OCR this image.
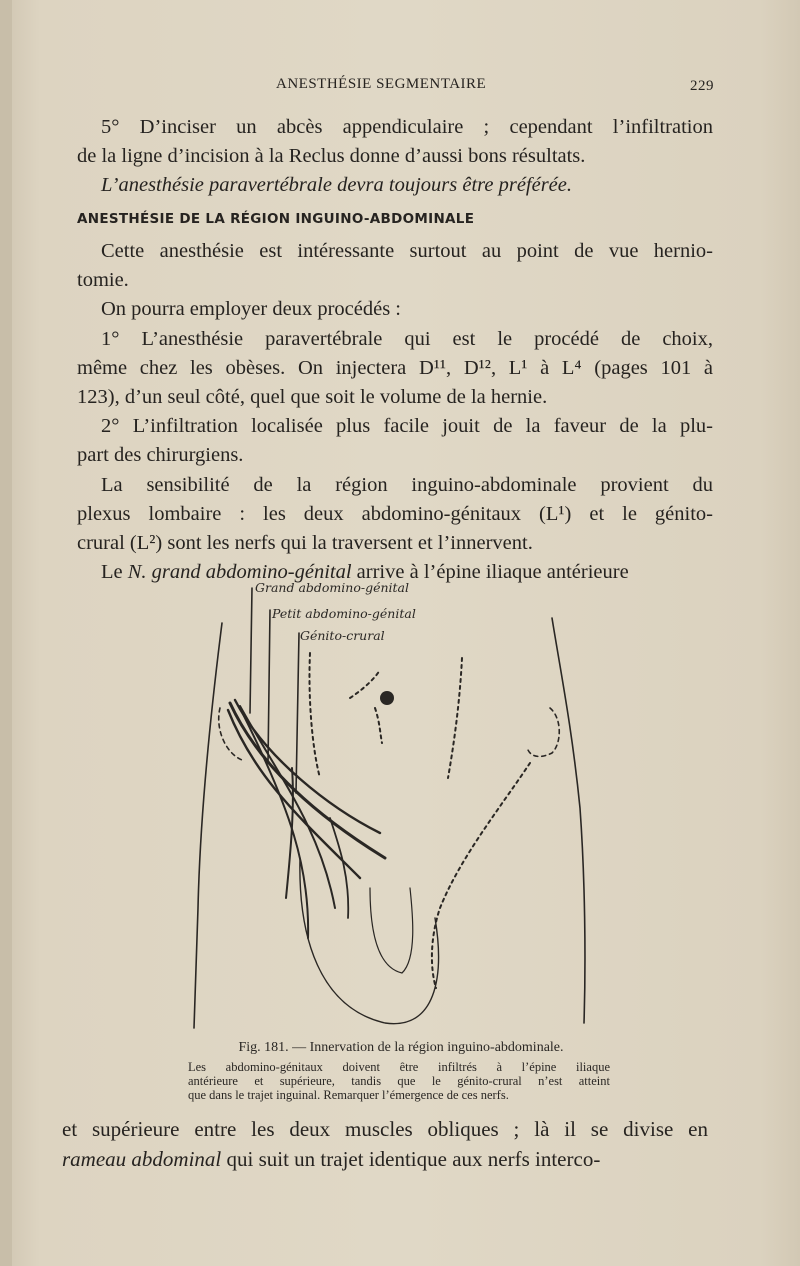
ANESTHÉSIE SEGMENTAIRE	229
5° D’inciser un abcès appendiculaire ; cependant l’infiltration
de la ligne d’incision à la Reclus donne d’aussi bons résultats.
L’anesthésie paravertébrale devra toujours être préférée.
ANESTHÉSIE DE LA RÉGION INGUINO-ABDOMINALE
Cette anesthésie est intéressante surtout au point de vue hernio-
tomie.
On pourra employer deux procédés :
1° L’anesthésie paravertébrale qui est le procédé de choix,
même chez les obèses. On injectera D¹¹, D¹², L¹ à L⁴ (pages 101 à
123), d’un seul côté, quel que soit le volume de la hernie.
2° L’infiltration localisée plus facile jouit de la faveur de la plu-
part des chirurgiens.
La sensibilité de la région inguino-abdominale provient du
plexus lombaire : les deux abdomino-génitaux (L¹) et le génito-
crural (L²) sont les nerfs qui la traversent et l’innervent.
Le N. grand abdomino-génital arrive à l’épine iliaque antérieure
Grand abdomino-génital
Petit abdomino-génital
Génito-crural
Fig. 181. — Innervation de la région inguino-abdominale.
Les abdomino-génitaux doivent être infiltrés à l’épine iliaque
antérieure et supérieure, tandis que le génito-crural n’est atteint
que dans le trajet inguinal. Remarquer l’émergence de ces nerfs.
et supérieure entre les deux muscles obliques ; là il se divise en
rameau abdominal qui suit un trajet identique aux nerfs interco-
